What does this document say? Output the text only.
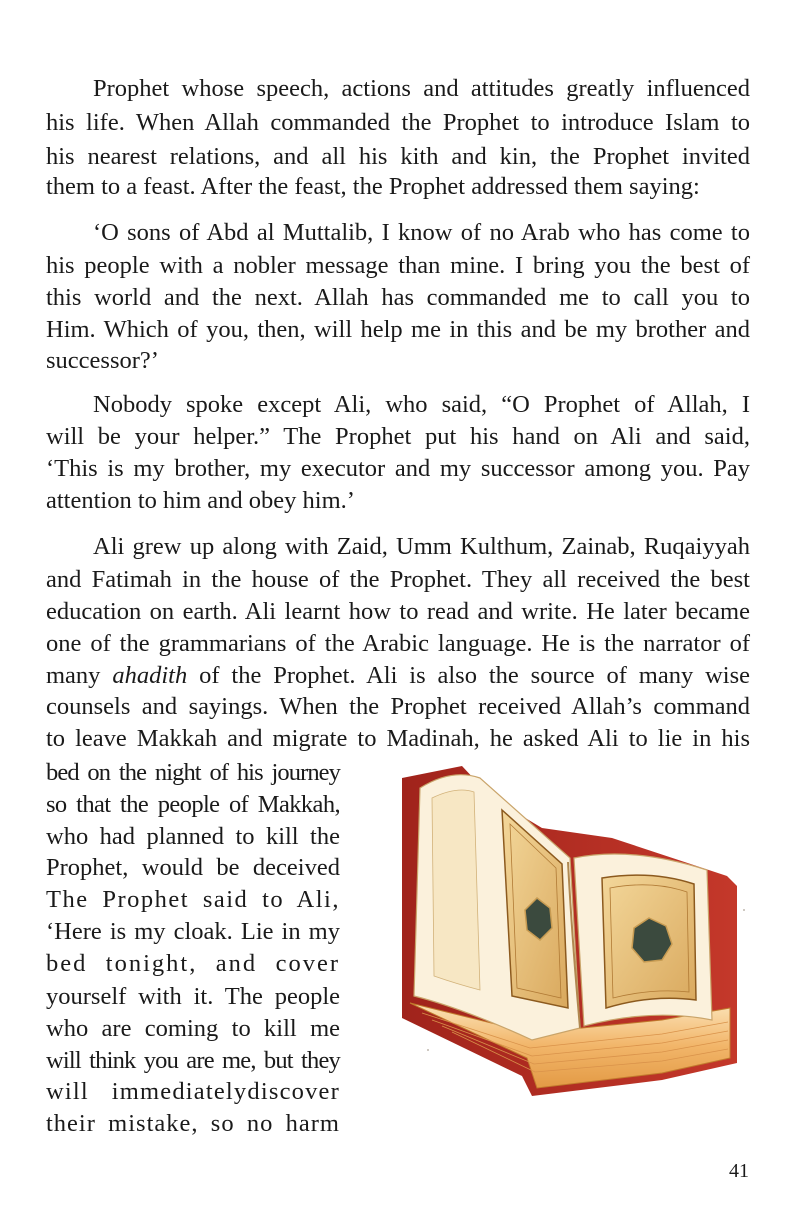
Prophet whose speech, actions and attitudes greatly influenced
his life. When Allah commanded the Prophet to introduce Islam to
his nearest relations, and all his kith and kin, the Prophet invited
them to a feast. After the feast, the Prophet addressed them saying:
‘O sons of Abd al Muttalib, I know of no Arab who has come to
his people with a nobler message than mine. I bring you the best of
this world and the next. Allah has commanded me to call you to
Him. Which of you, then, will help me in this and be my brother and
successor?’
Nobody spoke except Ali, who said, “O Prophet of Allah, I
will be your helper.” The Prophet put his hand on Ali and said,
‘This is my brother, my executor and my successor among you. Pay
attention to him and obey him.’
Ali grew up along with Zaid, Umm Kulthum, Zainab, Ruqaiyyah
and Fatimah in the house of the Prophet. They all received the best
education on earth. Ali learnt how to read and write. He later became
one of the grammarians of the Arabic language. He is the narrator of
many ahadith of the Prophet. Ali is also the source of many wise
counsels and sayings. When the Prophet received Allah’s command
to leave Makkah and migrate to Madinah, he asked Ali to lie in his
bed on the night of his journey
so that the people of Makkah,
who had planned to kill the
Prophet, would be deceived
The Prophet said to Ali,
‘Here is my cloak. Lie in my
bed tonight, and cover
yourself with it. The people
who are coming to kill me
will think you are me, but they
will immediatelydiscover
their mistake, so no harm
41
